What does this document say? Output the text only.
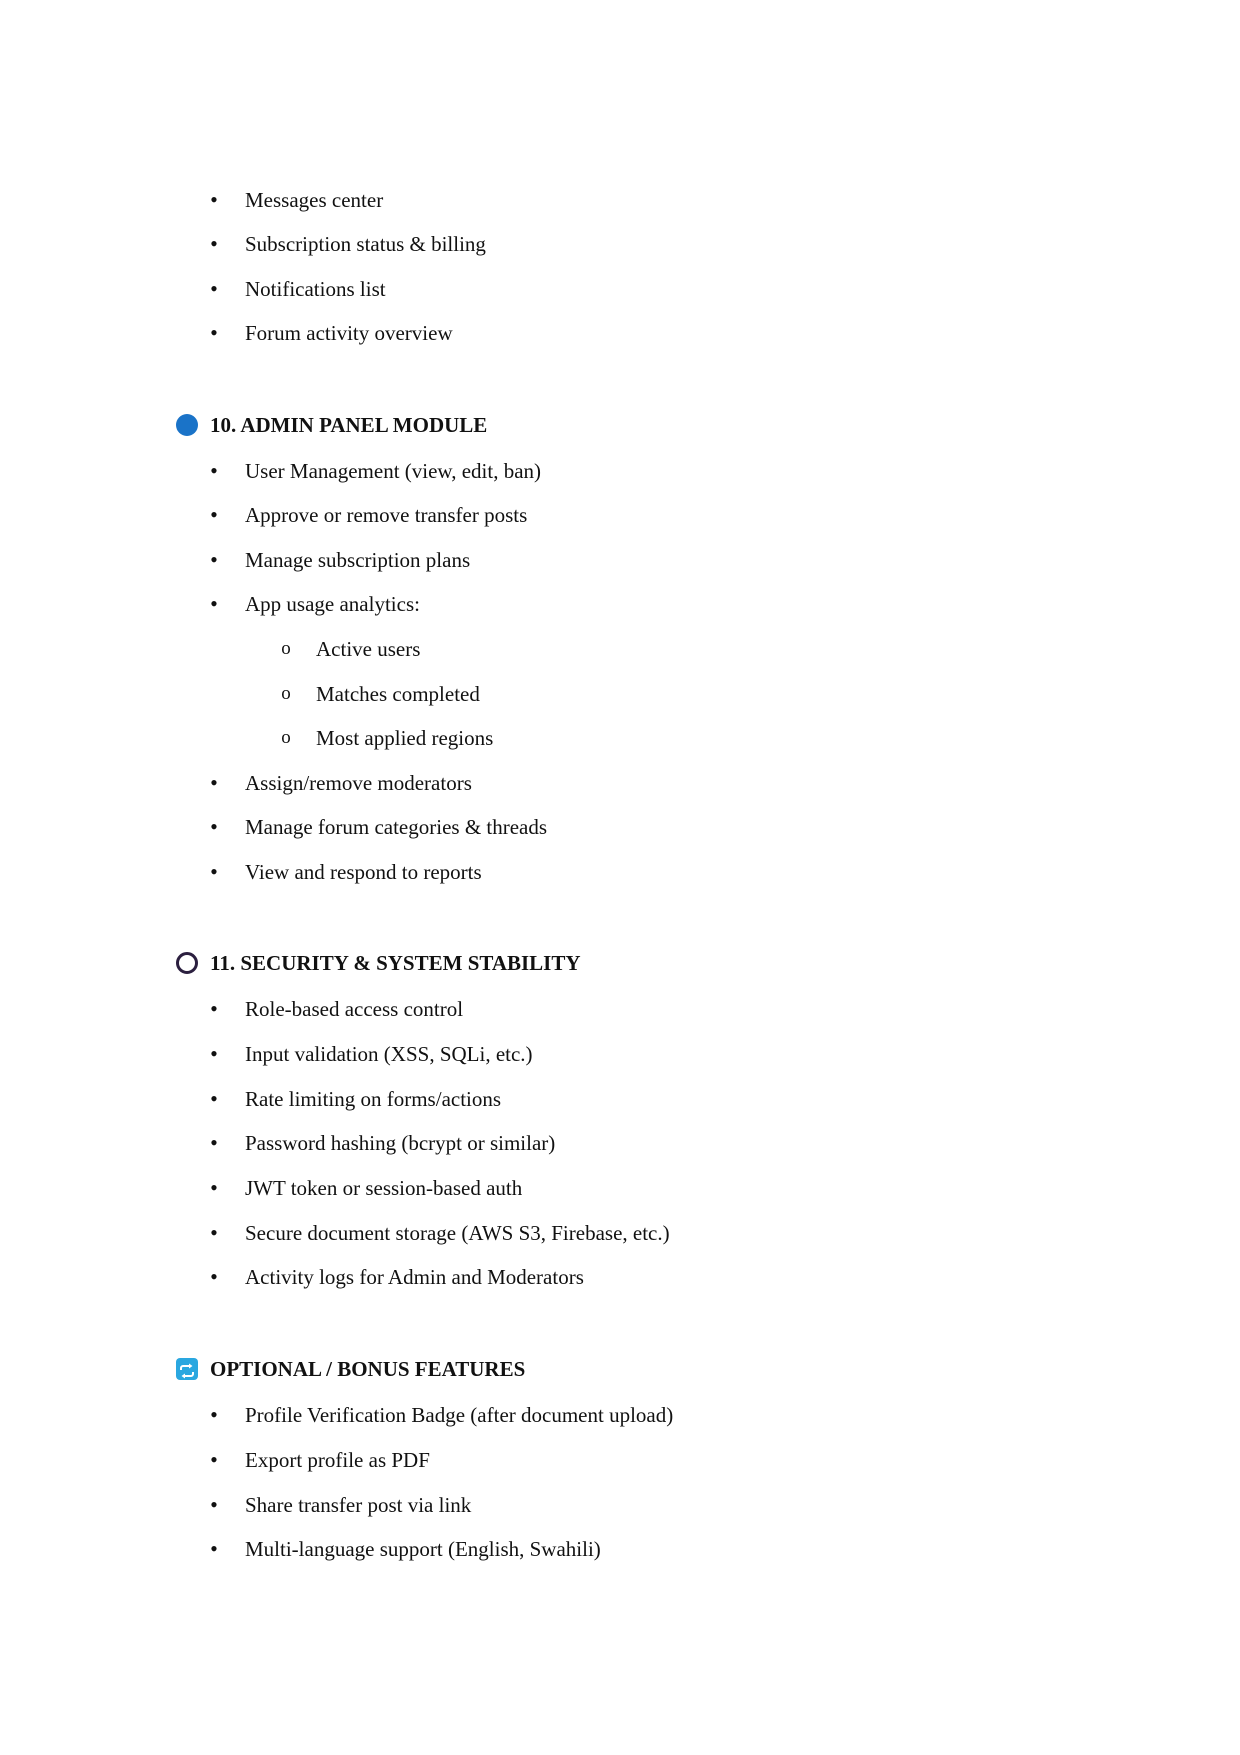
• Messages center
• Subscription status & billing
• Notifications list
• Forum activity overview
10. ADMIN PANEL MODULE
• User Management (view, edit, ban)
• Approve or remove transfer posts
• Manage subscription plans
• App usage analytics:
o Active users
o Matches completed
o Most applied regions
• Assign/remove moderators
• Manage forum categories & threads
• View and respond to reports
11. SECURITY & SYSTEM STABILITY
• Role-based access control
• Input validation (XSS, SQLi, etc.)
• Rate limiting on forms/actions
• Password hashing (bcrypt or similar)
• JWT token or session-based auth
• Secure document storage (AWS S3, Firebase, etc.)
• Activity logs for Admin and Moderators
OPTIONAL / BONUS FEATURES
• Profile Verification Badge (after document upload)
• Export profile as PDF
• Share transfer post via link
• Multi-language support (English, Swahili)
